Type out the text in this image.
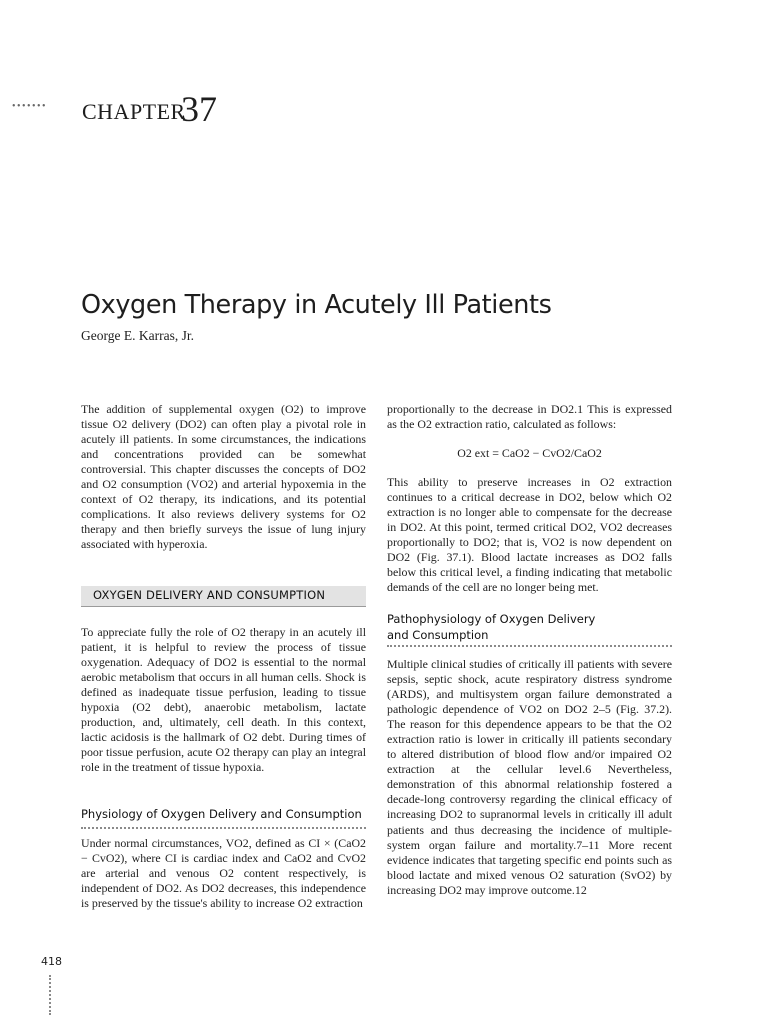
••••••• CHAPTER
37
Oxygen Therapy in Acutely Ill Patients
George E. Karras, Jr.

The addition of supplemental oxygen (O2) to improve tissue O2 delivery (DO2) can often play a pivotal role in acutely ill patients. In some circumstances, the indications and concentrations provided can be somewhat controversial. This chapter discusses the concepts of DO2 and O2 consumption (VO2) and arterial hypoxemia in the context of O2 therapy, its indications, and its potential complications. It also reviews delivery systems for O2 therapy and then briefly surveys the issue of lung injury associated with hyperoxia.

OXYGEN DELIVERY AND CONSUMPTION

To appreciate fully the role of O2 therapy in an acutely ill patient, it is helpful to review the process of tissue oxygenation. Adequacy of DO2 is essential to the normal aerobic metabolism that occurs in all human cells. Shock is defined as inadequate tissue perfusion, leading to tissue hypoxia (O2 debt), anaerobic metabolism, lactate production, and, ultimately, cell death. In this context, lactic acidosis is the hallmark of O2 debt. During times of poor tissue perfusion, acute O2 therapy can play an integral role in the treatment of tissue hypoxia.

Physiology of Oxygen Delivery and Consumption

Under normal circumstances, VO2, defined as CI × (CaO2 − CvO2), where CI is cardiac index and CaO2 and CvO2 are arterial and venous O2 content respectively, is independent of DO2. As DO2 decreases, this independence is preserved by the tissue's ability to increase O2 extraction

proportionally to the decrease in DO2.1 This is expressed as the O2 extraction ratio, calculated as follows:

O2 ext = CaO2 − CvO2/CaO2

This ability to preserve increases in O2 extraction continues to a critical decrease in DO2, below which O2 extraction is no longer able to compensate for the decrease in DO2. At this point, termed critical DO2, VO2 decreases proportionally to DO2; that is, VO2 is now dependent on DO2 (Fig. 37.1). Blood lactate increases as DO2 falls below this critical level, a finding indicating that metabolic demands of the cell are no longer being met.

Pathophysiology of Oxygen Delivery
and Consumption

Multiple clinical studies of critically ill patients with severe sepsis, septic shock, acute respiratory distress syndrome (ARDS), and multisystem organ failure demonstrated a pathologic dependence of VO2 on DO2 2–5 (Fig. 37.2). The reason for this dependence appears to be that the O2 extraction ratio is lower in critically ill patients secondary to altered distribution of blood flow and/or impaired O2 extraction at the cellular level.6 Nevertheless, demonstration of this abnormal relationship fostered a decade-long controversy regarding the clinical efficacy of increasing DO2 to supranormal levels in critically ill adult patients and thus decreasing the incidence of multiple-system organ failure and mortality.7–11 More recent evidence indicates that targeting specific end points such as blood lactate and mixed venous O2 saturation (SvO2) by increasing DO2 may improve outcome.12

418
